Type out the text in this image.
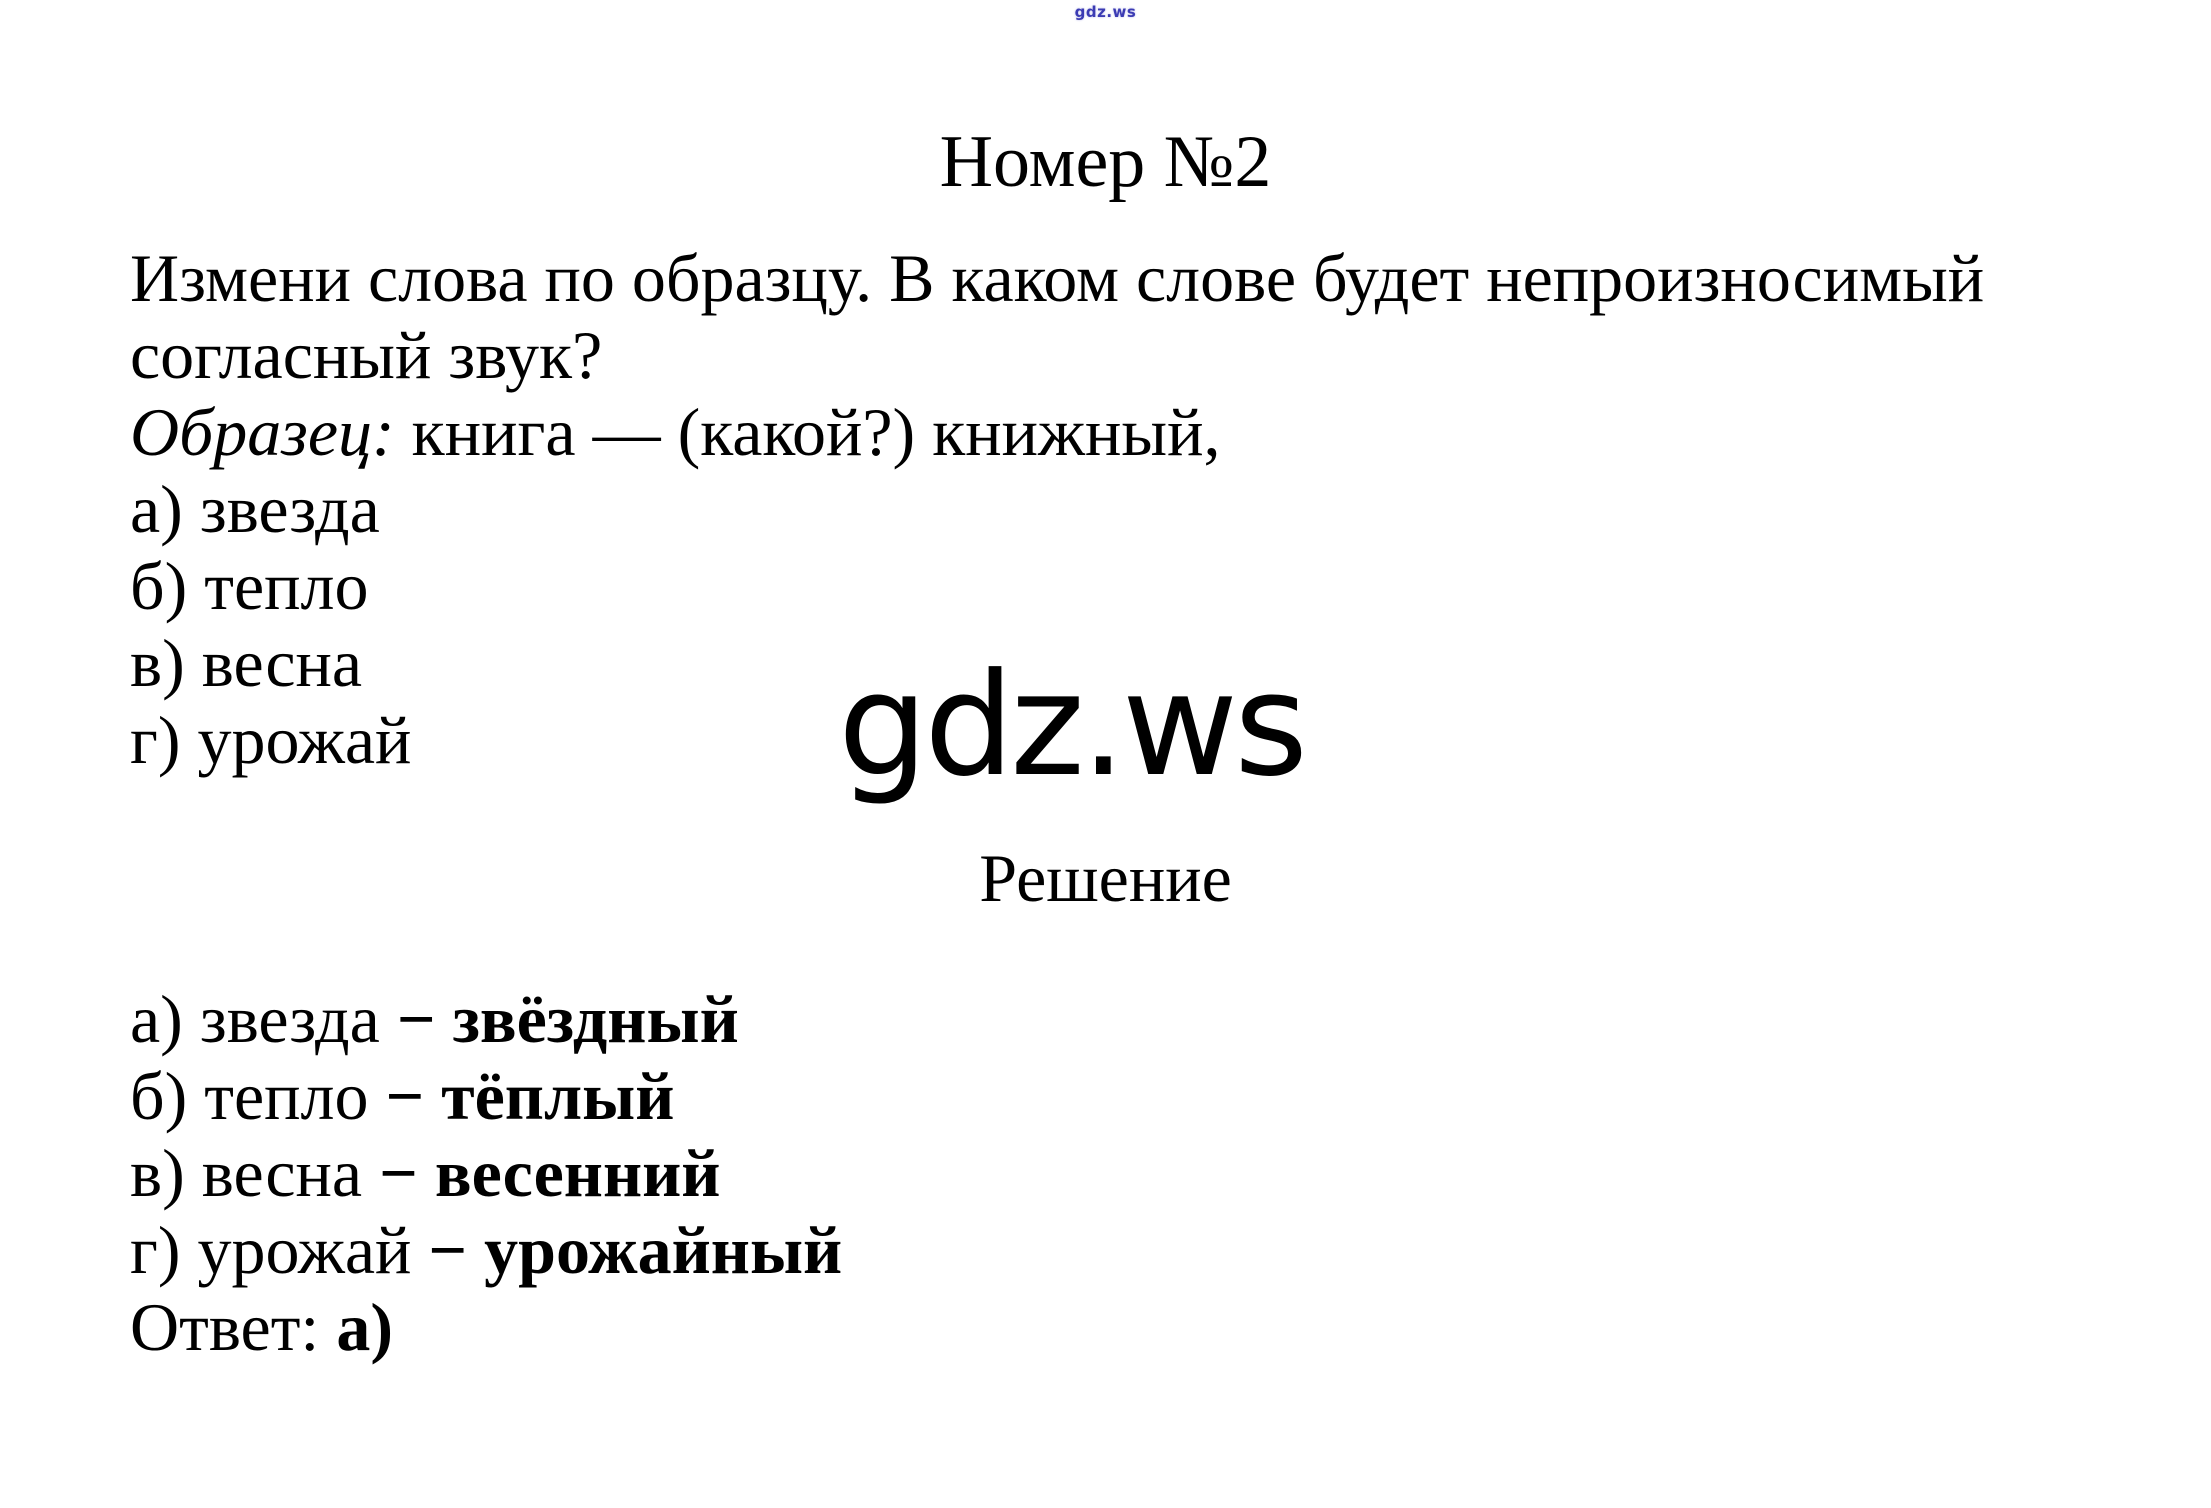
gdz.ws
Номер №2
Измени слова по образцу. В каком слове будет непроизносимый
согласный звук?
Образец: книга — (какой?) книжный,
а) звезда
б) тепло
в) весна
г) урожай	gdz.ws
Решение
а) звезда − звёздный
б) тепло − тёплый
в) весна − весенний
г) урожай − урожайный
Ответ: а)
